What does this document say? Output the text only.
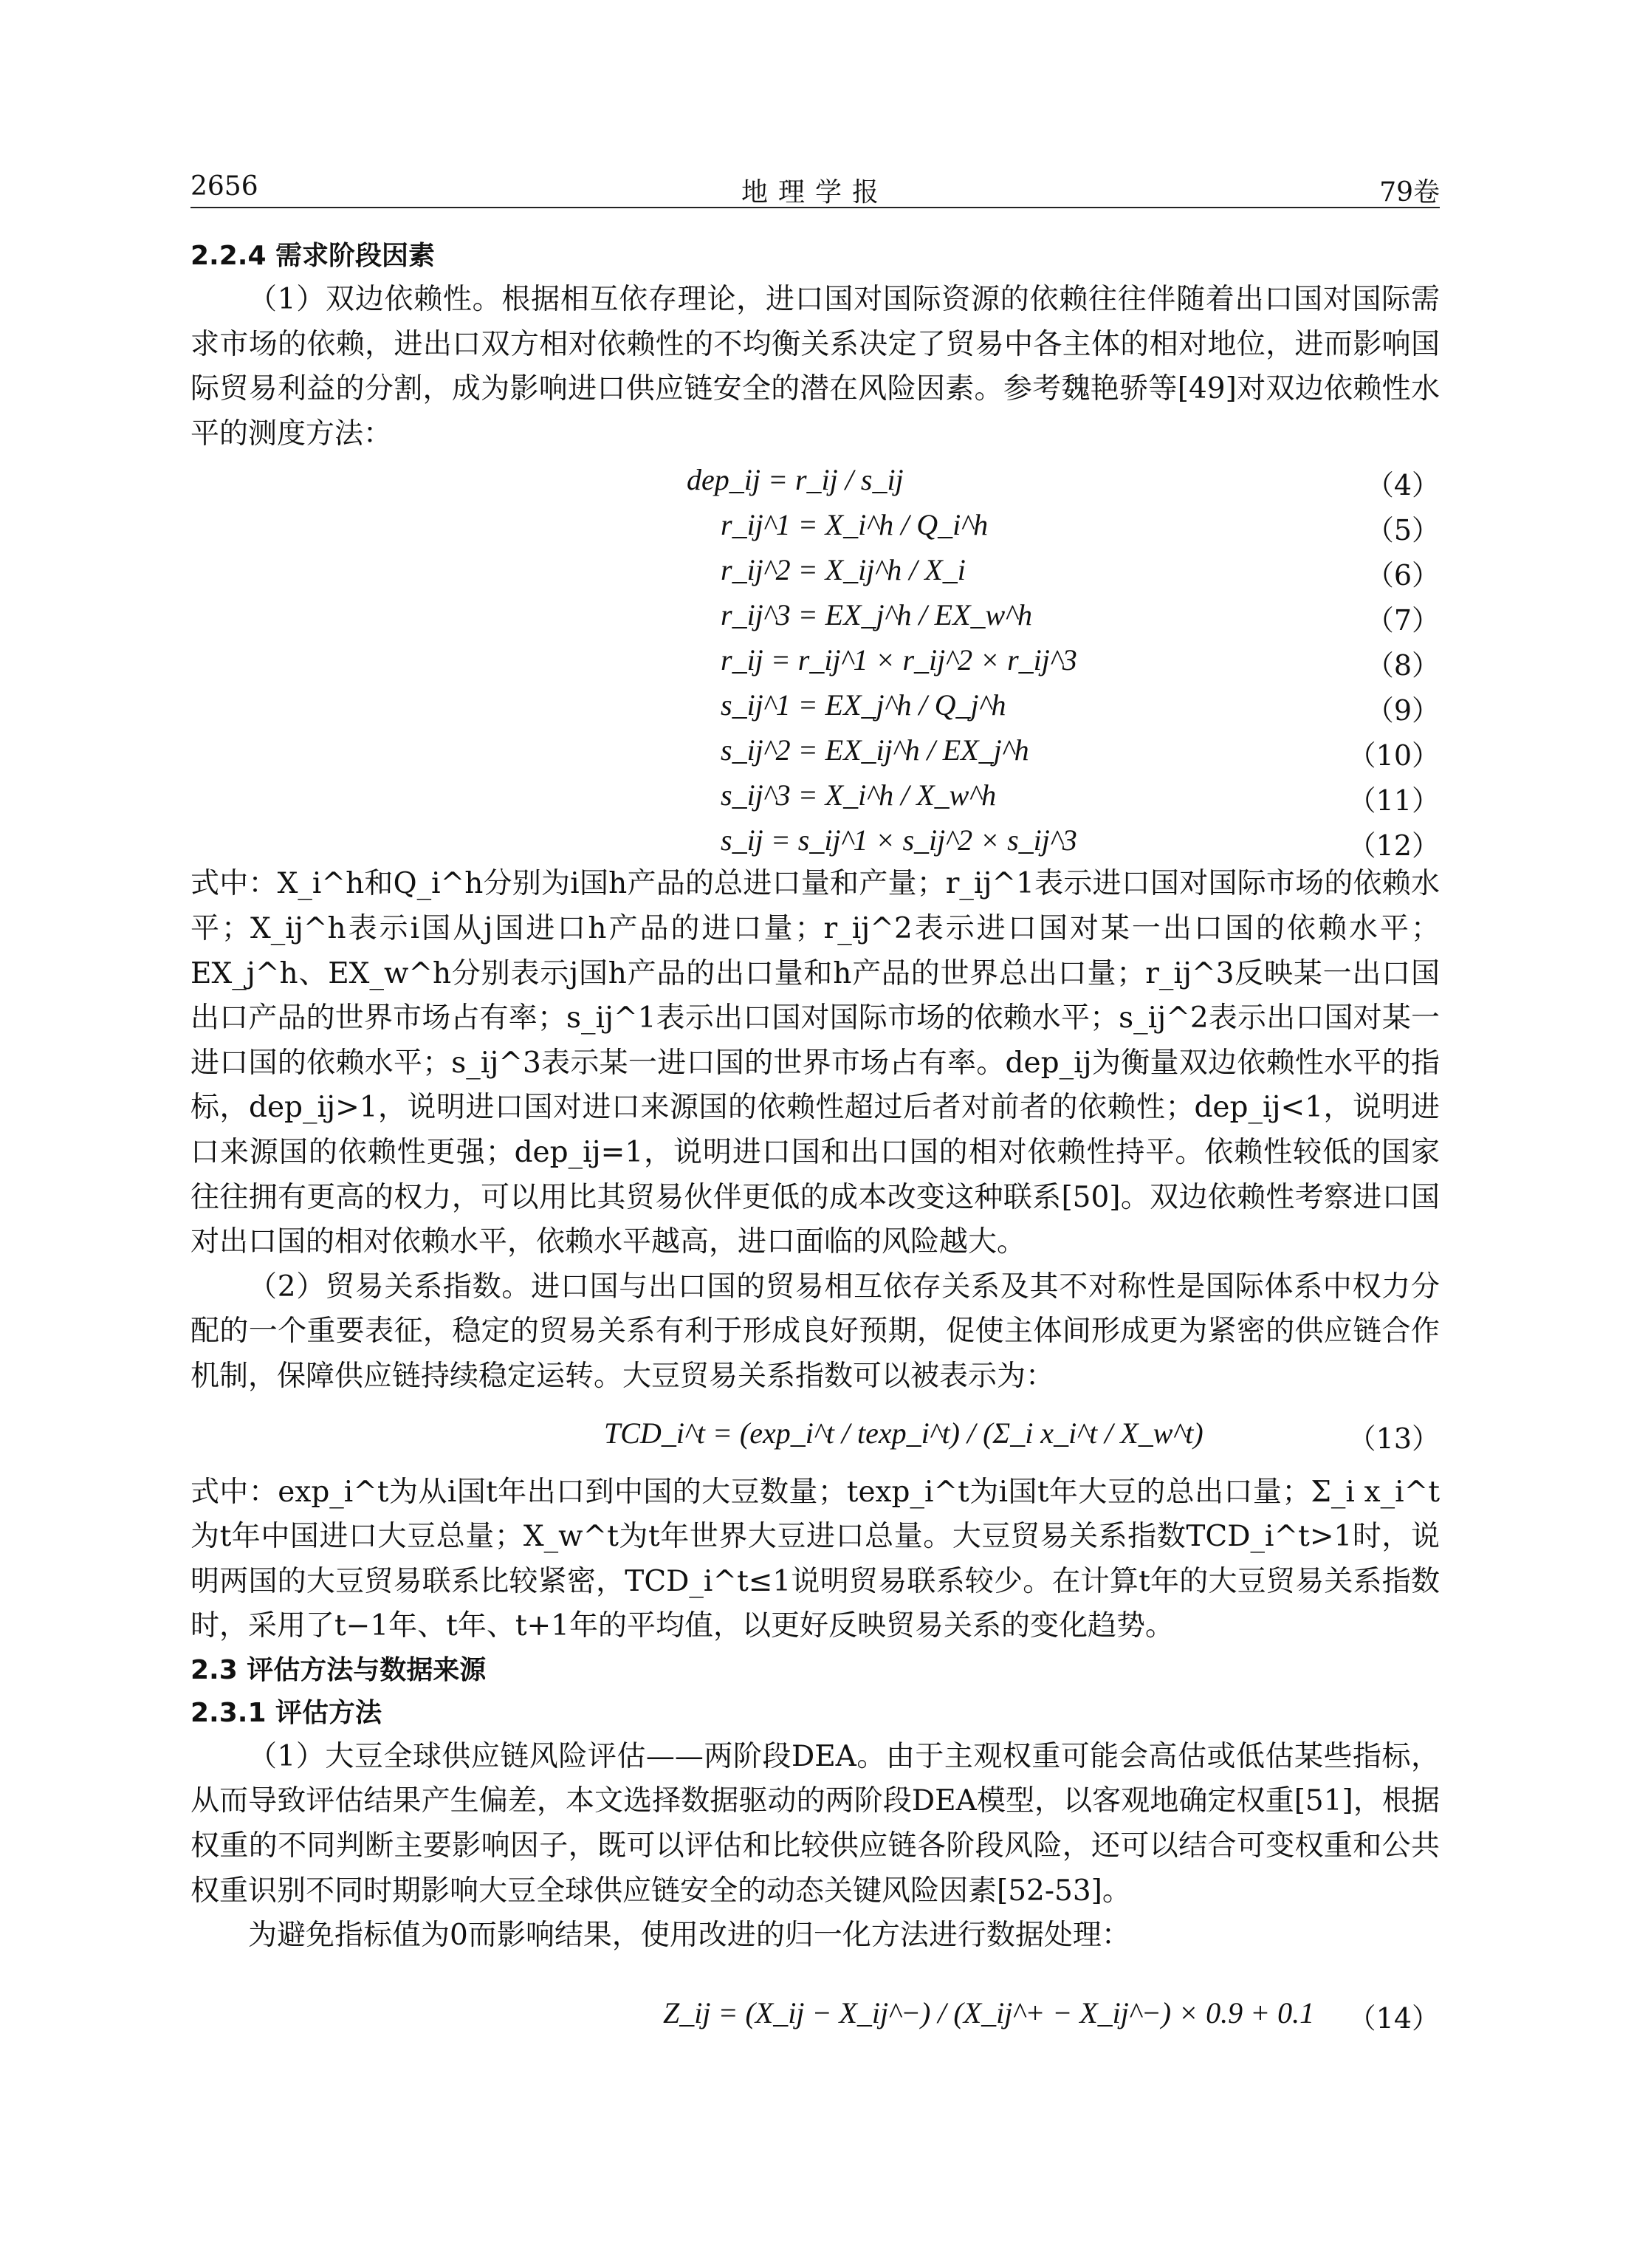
2656	地理学报	79卷
2.2.4 需求阶段因素

（1）双边依赖性。根据相互依存理论，进口国对国际资源的依赖往往伴随着出口国对国际需求市场的依赖，进出口双方相对依赖性的不均衡关系决定了贸易中各主体的相对地位，进而影响国际贸易利益的分割，成为影响进口供应链安全的潜在风险因素。参考魏艳骄等[49]对双边依赖性水平的测度方法：

dep_ij = r_ij / s_ij	（4）
r_ij^1 = X_i^h / Q_i^h	（5）
r_ij^2 = X_ij^h / X_i	（6）
r_ij^3 = EX_j^h / EX_w^h	（7）
r_ij = r_ij^1 × r_ij^2 × r_ij^3	（8）
s_ij^1 = EX_j^h / Q_j^h	（9）
s_ij^2 = EX_ij^h / EX_j^h	（10）
s_ij^3 = X_i^h / X_w^h	（11）
s_ij = s_ij^1 × s_ij^2 × s_ij^3	（12）

式中：X_i^h和Q_i^h分别为i国h产品的总进口量和产量；r_ij^1表示进口国对国际市场的依赖水平；X_ij^h表示i国从j国进口h产品的进口量；r_ij^2表示进口国对某一出口国的依赖水平；EX_j^h、EX_w^h分别表示j国h产品的出口量和h产品的世界总出口量；r_ij^3反映某一出口国出口产品的世界市场占有率；s_ij^1表示出口国对国际市场的依赖水平；s_ij^2表示出口国对某一进口国的依赖水平；s_ij^3表示某一进口国的世界市场占有率。dep_ij为衡量双边依赖性水平的指标，dep_ij>1，说明进口国对进口来源国的依赖性超过后者对前者的依赖性；dep_ij<1，说明进口来源国的依赖性更强；dep_ij=1，说明进口国和出口国的相对依赖性持平。依赖性较低的国家往往拥有更高的权力，可以用比其贸易伙伴更低的成本改变这种联系[50]。双边依赖性考察进口国对出口国的相对依赖水平，依赖水平越高，进口面临的风险越大。

（2）贸易关系指数。进口国与出口国的贸易相互依存关系及其不对称性是国际体系中权力分配的一个重要表征，稳定的贸易关系有利于形成良好预期，促使主体间形成更为紧密的供应链合作机制，保障供应链持续稳定运转。大豆贸易关系指数可以被表示为：

TCD_i^t = (exp_i^t / texp_i^t) / (Σ_i x_i^t / X_w^t)	（13）

式中：exp_i^t为从i国t年出口到中国的大豆数量；texp_i^t为i国t年大豆的总出口量；Σ_i x_i^t为t年中国进口大豆总量；X_w^t为t年世界大豆进口总量。大豆贸易关系指数TCD_i^t>1时，说明两国的大豆贸易联系比较紧密，TCD_i^t≤1说明贸易联系较少。在计算t年的大豆贸易关系指数时，采用了t−1年、t年、t+1年的平均值，以更好反映贸易关系的变化趋势。

2.3 评估方法与数据来源
2.3.1 评估方法

（1）大豆全球供应链风险评估——两阶段DEA。由于主观权重可能会高估或低估某些指标，从而导致评估结果产生偏差，本文选择数据驱动的两阶段DEA模型，以客观地确定权重[51]，根据权重的不同判断主要影响因子，既可以评估和比较供应链各阶段风险，还可以结合可变权重和公共权重识别不同时期影响大豆全球供应链安全的动态关键风险因素[52-53]。

为避免指标值为0而影响结果，使用改进的归一化方法进行数据处理：

Z_ij = (X_ij − X_ij^−) / (X_ij^+ − X_ij^−) × 0.9 + 0.1 （14）
